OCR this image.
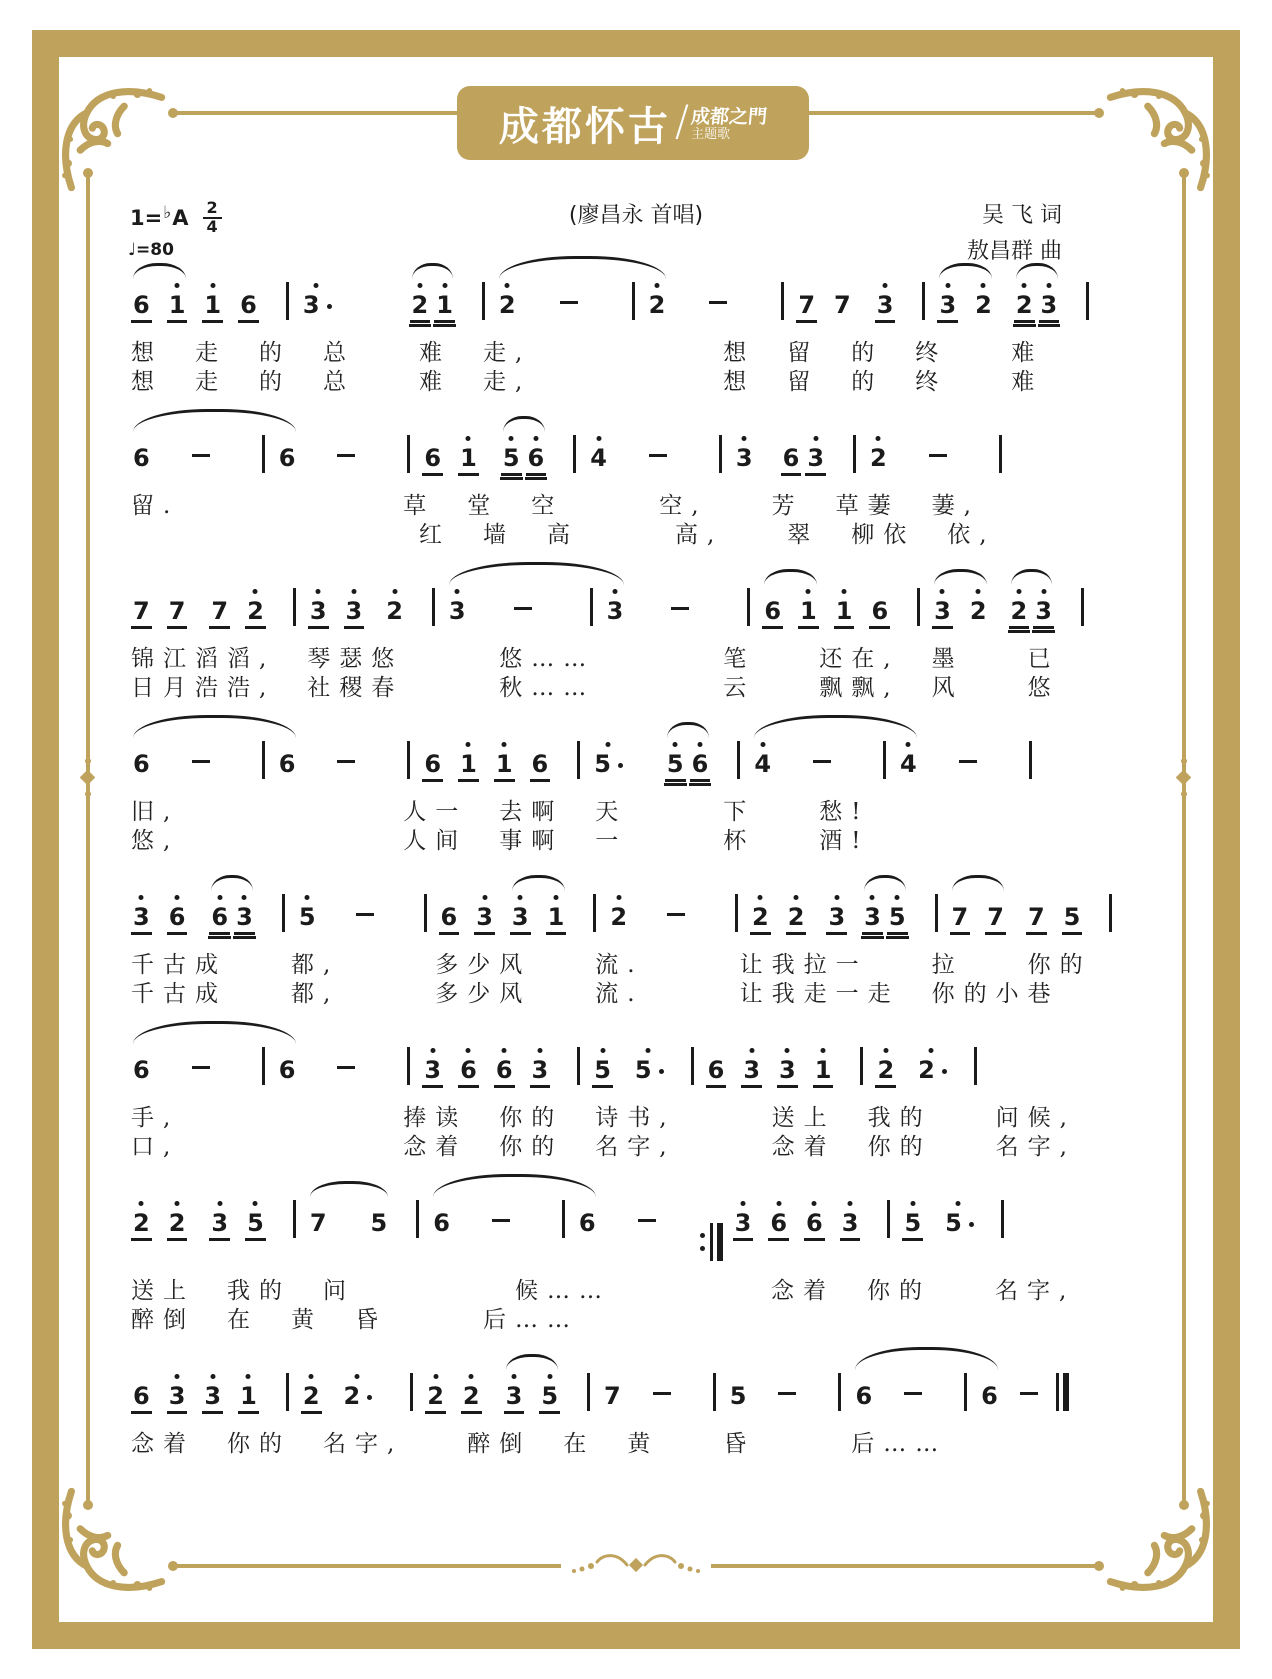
成都怀古 / 成都之門
主题歌
1= ♭ A $\frac{2}{4}$
♩=80
(廖昌永 首唱)	吴 飞 词
敖昌群 曲
6 1 1 6 3	2 1 2	2	7 7 3 3 2 2 3
想　走　的　总　　难　走,　　　　　　想　留　的　终　　难
想　走　的　总　　难　走,　　　　　　想　留　的　终　　难
6	6	6 1 5 6 4	3 6 3 2
留.　　　　　　　草　堂　空　　　空,　　芳　草萋　萋,
　　　　　　　　　红　墙　高　　　高,　　翠　柳依　依,
7 7 7 2 3 3 2 3	3	6 1 1 6 3 2 2 3
锦江滔滔,　琴瑟悠　　　悠……　　　　笔　　还在,　墨　　已
日月浩浩,　社稷春　　　秋……　　　　云　　飘飘,　风　　悠
6	6	6 1 1 6 5 5 6 4	4
旧,　　　　　　　人一　去啊　天　　　下　　愁!
悠,　　　　　　　人间　事啊　一　　　杯　　酒!
3 6 6 3 5	6 3 3 1 2	2 2 3 3 5 7 7 7 5
千古成　　都,　　　多少风　　流.　　　让我拉一　　拉　　你的
千古成　　都,　　　多少风　　流.　　　让我走一走　你的小巷
6	6	3 6 6 3 5 5 6 3 3 1 2 2
手,　　　　　　　捧读　你的　诗书,　　　送上　我的　　问候,
口,　　　　　　　念着　你的　名字,　　　念着　你的　　名字,
2 2 3 5 7 5 6	6	3 6 6 3 5 5
送上　我的　问　　　　　候……　　　　　念着　你的　　名字,
醉倒　在　黄　昏　　　后……
6 3 3 1 2 2	2 2 3 5 7	5	6	6
念着　你的　名字,　　醉倒　在　黄　　昏　　　后……
